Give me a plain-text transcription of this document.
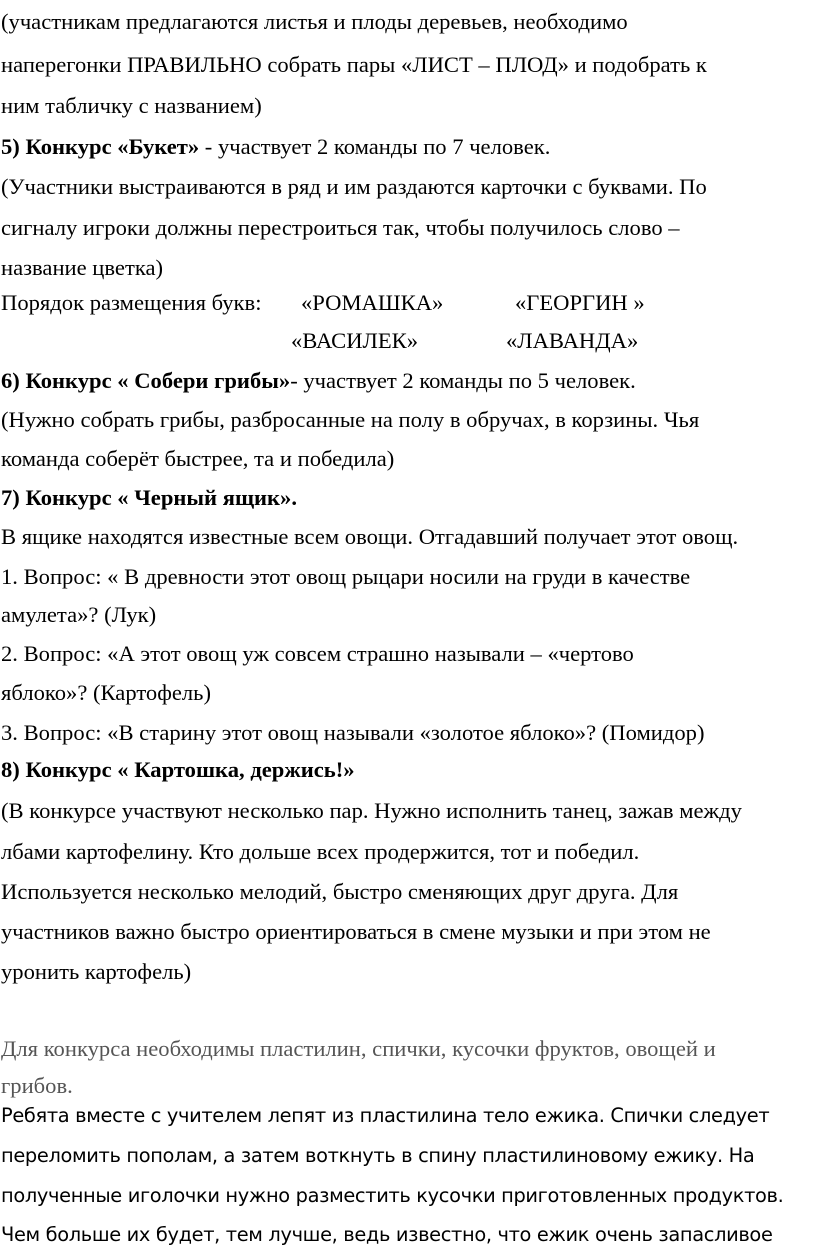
(участникам предлагаются листья и плоды деревьев, необходимо

наперегонки ПРАВИЛЬНО собрать пары «ЛИСТ – ПЛОД» и подобрать к

ним табличку с названием)

5) Конкурс «Букет» - участвует 2 команды по 7 человек.

(Участники выстраиваются в ряд и им раздаются карточки с буквами. По

сигналу игроки должны перестроиться так, чтобы получилось слово –

название цветка)

Порядок размещения букв: «РОМАШКА»	«ГЕОРГИН »

«ВАСИЛЕК»	«ЛАВАНДА»

6) Конкурс « Собери грибы»- участвует 2 команды по 5 человек.

(Нужно собрать грибы, разбросанные на полу в обручах, в корзины. Чья

команда соберёт быстрее, та и победила)

7) Конкурс « Черный ящик».

В ящике находятся известные всем овощи. Отгадавший получает этот овощ.

1. Вопрос: « В древности этот овощ рыцари носили на груди в качестве

амулета»? (Лук)

2. Вопрос: «А этот овощ уж совсем страшно называли – «чертово

яблоко»? (Картофель)

3. Вопрос: «В старину этот овощ называли «золотое яблоко»? (Помидор)

8) Конкурс « Картошка, держись!»

(В конкурсе участвуют несколько пар. Нужно исполнить танец, зажав между

лбами картофелину. Кто дольше всех продержится, тот и победил.

Используется несколько мелодий, быстро сменяющих друг друга. Для

участников важно быстро ориентироваться в смене музыки и при этом не

уронить картофель)

Для конкурса необходимы пластилин, спички, кусочки фруктов, овощей и

грибов.

Ребята вместе с учителем лепят из пластилина тело ежика. Спички следует

переломить пополам, а затем воткнуть в спину пластилиновому ежику. На

полученные иголочки нужно разместить кусочки приготовленных продуктов.

Чем больше их будет, тем лучше, ведь известно, что ежик очень запасливое
